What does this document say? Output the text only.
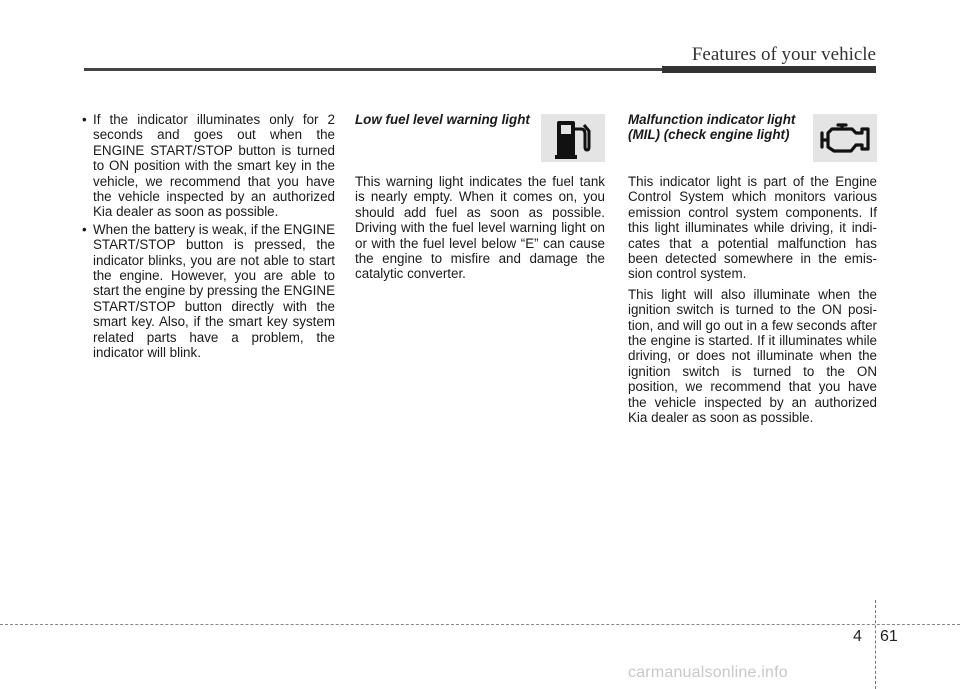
Features of your vehicle
• If the indicator illuminates only for 2 seconds and goes out when the ENGINE START/STOP button is turned to ON position with the smart key in the vehicle, we recommend that you have the vehicle inspected by an authorized Kia dealer as soon as possible.
• When the battery is weak, if the ENGINE START/STOP button is pressed, the indicator blinks, you are not able to start the engine. However, you are able to start the engine by pressing the ENGINE START/STOP button directly with the smart key. Also, if the smart key system related parts have a problem, the indicator will blink.

Low fuel level warning light

This warning light indicates the fuel tank is nearly empty. When it comes on, you should add fuel as soon as possible. Driving with the fuel level warning light on or with the fuel level below “E” can cause the engine to misfire and damage the catalytic converter.

Malfunction indicator light
(MIL) (check engine light)

This indicator light is part of the Engine Control System which monitors various emission control system components. If this light illuminates while driving, it indi-cates that a potential malfunction has been detected somewhere in the emis-sion control system.

This light will also illuminate when the ignition switch is turned to the ON posi-tion, and will go out in a few seconds after the engine is started. If it illuminates while driving, or does not illuminate when the ignition switch is turned to the ON position, we recommend that you have the vehicle inspected by an authorized Kia dealer as soon as possible.

4 61
carmanualsonline.info
